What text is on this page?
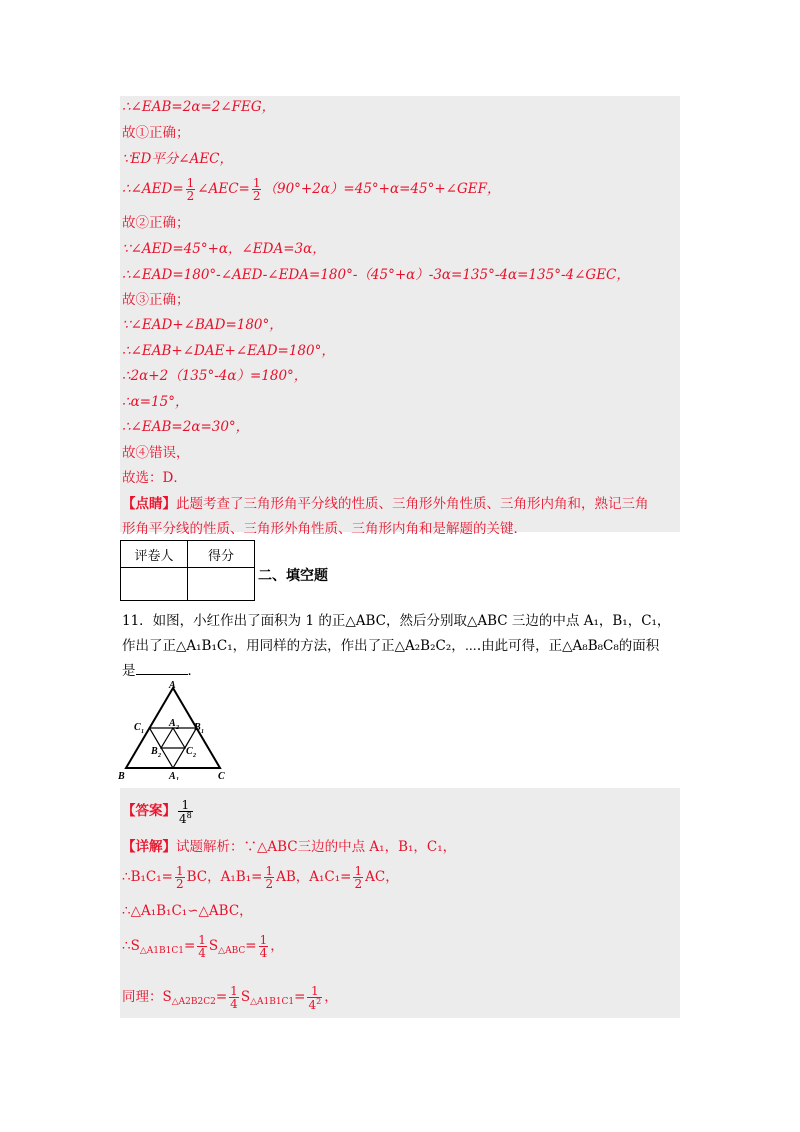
∴∠EAB=2α=2∠FEG，
故①正确；
∵ED平分∠AEC，
∴∠AED= $\frac{1}{2}$ ∠AEC= $\frac{1}{2}$ （90°+2α）=45°+α=45°+∠GEF，
故②正确；
∵∠AED=45°+α，∠EDA=3α，
∴∠EAD=180°-∠AED-∠EDA=180°-（45°+α）-3α=135°-4α=135°-4∠GEC，
故③正确；
∵∠EAD+∠BAD=180°，
∴∠EAB+∠DAE+∠EAD=180°，
∴2α+2（135°-4α）=180°，
∴α=15°，
∴∠EAB=2α=30°，
故④错误，
故选：D．
【点睛】此题考查了三角形角平分线的性质、三角形外角性质、三角形内角和，熟记三角
形角平分线的性质、三角形外角性质、三角形内角和是解题的关键．
评卷人	得分

二、填空题
11．如图，小红作出了面积为 1 的正△ABC，然后分别取△ABC 三边的中点 A₁，B₁，C₁，
作出了正△A₁B₁C₁，用同样的方法，作出了正△A₂B₂C₂，⋯.由此可得，正△A₈B₈C₈的面积
是	．
A
B	C
C 1
A 2 B 1
B 2	C 2
A 1
【答案】 $\frac{1}{4^8}$
【详解】试题解析：∵△ABC三边的中点 A₁，B₁，C₁，
∴B₁C₁= $\frac{1}{2}$ BC，$A_1B_1= \frac{1}{2}$ AB，$A_1C_1= \frac{1}{2}$ AC，
∴△A₁B₁C₁∽△ABC，
$\therefore S_{\triangle A1B1C1}= \frac{1}{4} S_{\triangle ABC}= \frac{1}{4}$ ，
同理：$S_{\triangle A2B2C2}= \frac{1}{4} S_{\triangle A1B1C1}= \frac{1}{4^2}$ ，
